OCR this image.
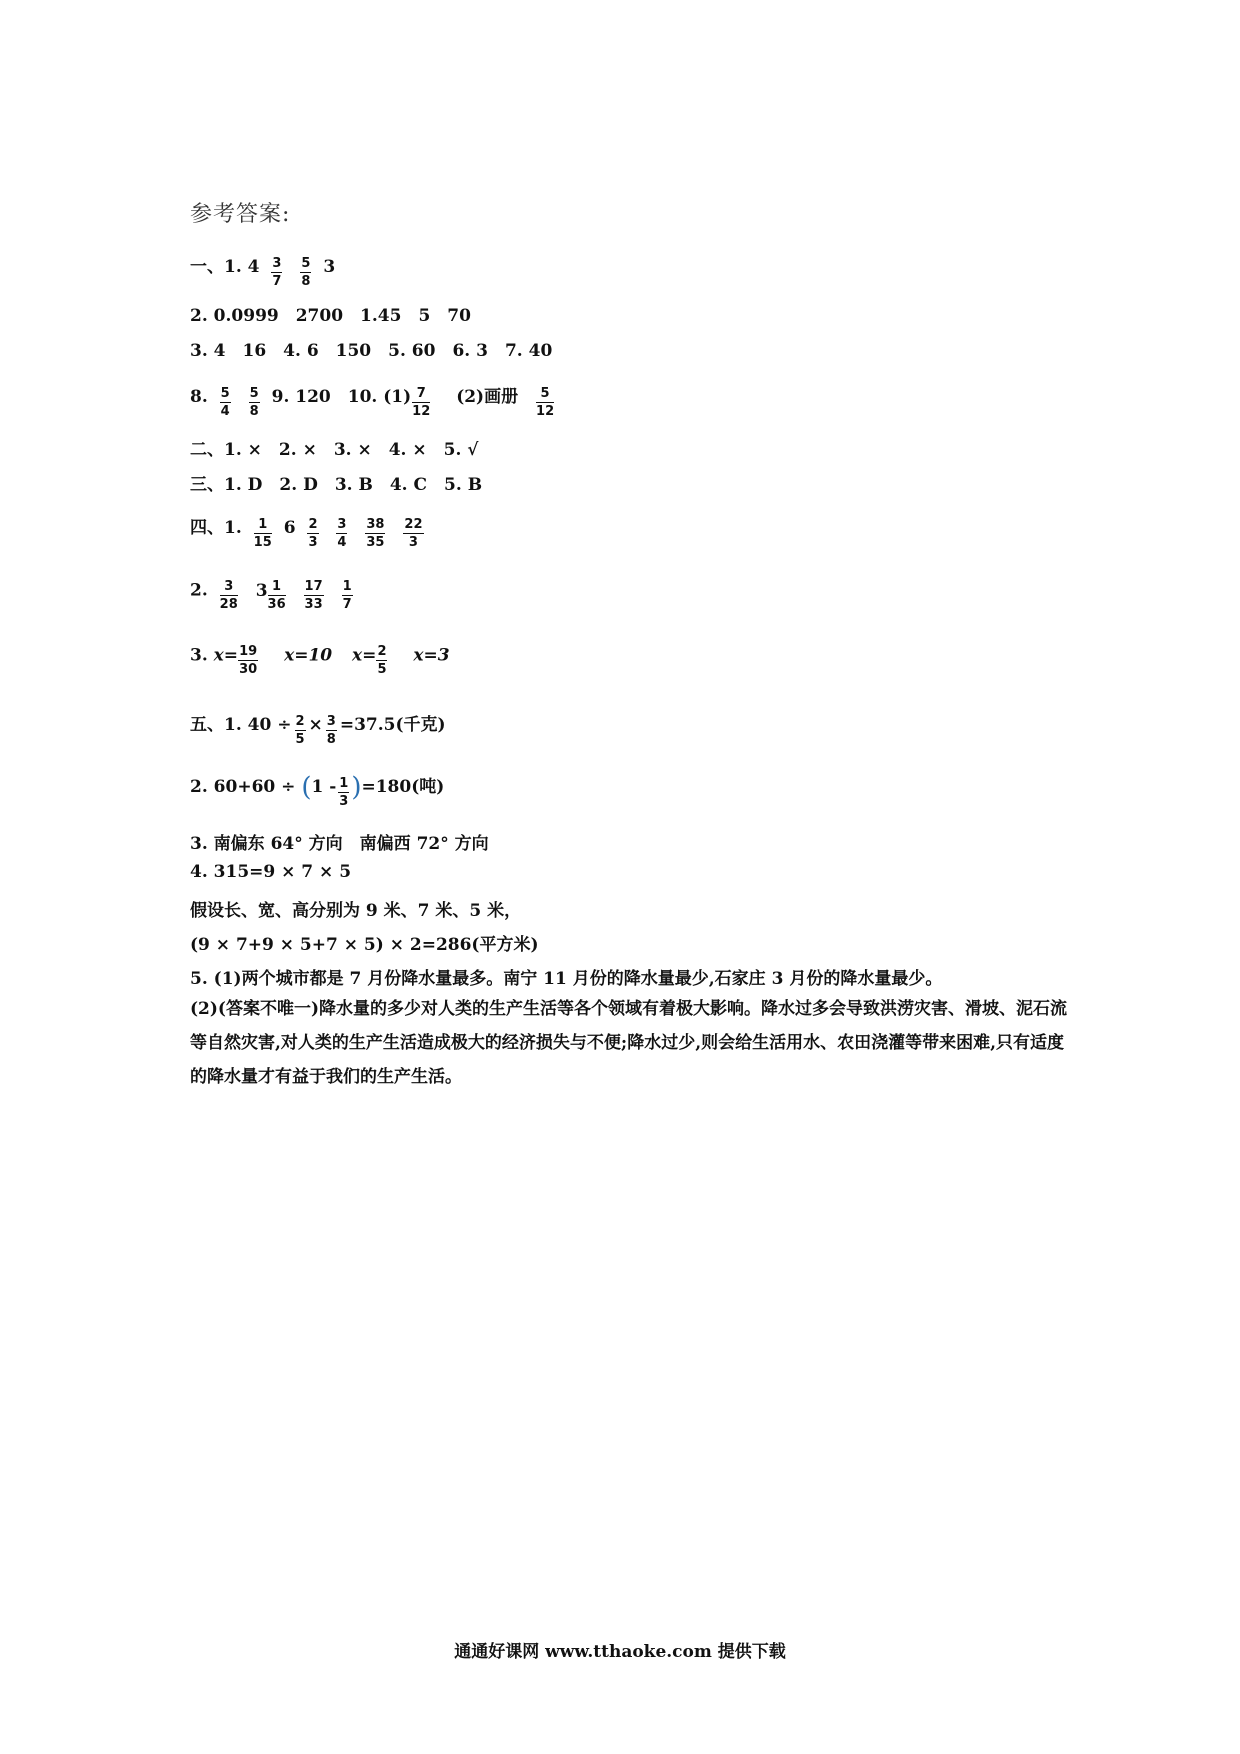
参考答案:
一、1. $4 \frac{3}{7}$
$\frac{5}{8} 3$
2. 0.0999　2700　1.45　5　70
3. 4　16　4. 6　150　5. 60　6. 3　7. 40
8. $\frac{5}{4}$
$\frac{5}{8} 9$. 120　10. $(1) \frac{7}{12} (2)$画册 $\frac{5}{12}$
二、1. ×　2. ×　3. ×　4. ×　5. √
三、1. D　2. D　3. B　4. C　5. B
四、1. $\frac{1}{15} 6 \frac{2}{3}$
$\frac{3}{4}$
$\frac{38}{35}$
$\frac{22}{3}$
2. $\frac{3}{28} 3 \frac{1}{36}$
$\frac{17}{33}$
$\frac{1}{7}$
3. $x= \frac{19}{30} x=10$ $x= \frac{2}{5} x=3$
五、1. $40 \div \frac{2}{5} \times \frac{3}{8} =37.5$(千克)
2. $60+60 \div (1 - \frac{1}{3} )=180$(吨)
3. 南偏东 64° 方向　南偏西 72° 方向
4. 315=9 × 7 × 5
假设长、宽、高分别为 9 米、7 米、5 米，
(9 × 7+9 × 5+7 × 5) × 2=286(平方米)
5. (1)两个城市都是 7 月份降水量最多。南宁 11 月份的降水量最少,石家庄 3 月份的降水量最少。
(2)(答案不唯一)降水量的多少对人类的生产生活等各个领域有着极大影响。降水过多会导致洪涝灾害、滑坡、泥石流等自然灾害,对人类的生产生活造成极大的经济损失与不便;降水过少,则会给生活用水、农田浇灌等带来困难,只有适度的降水量才有益于我们的生产生活。
通通好课网 www.tthaoke.com 提供下载
